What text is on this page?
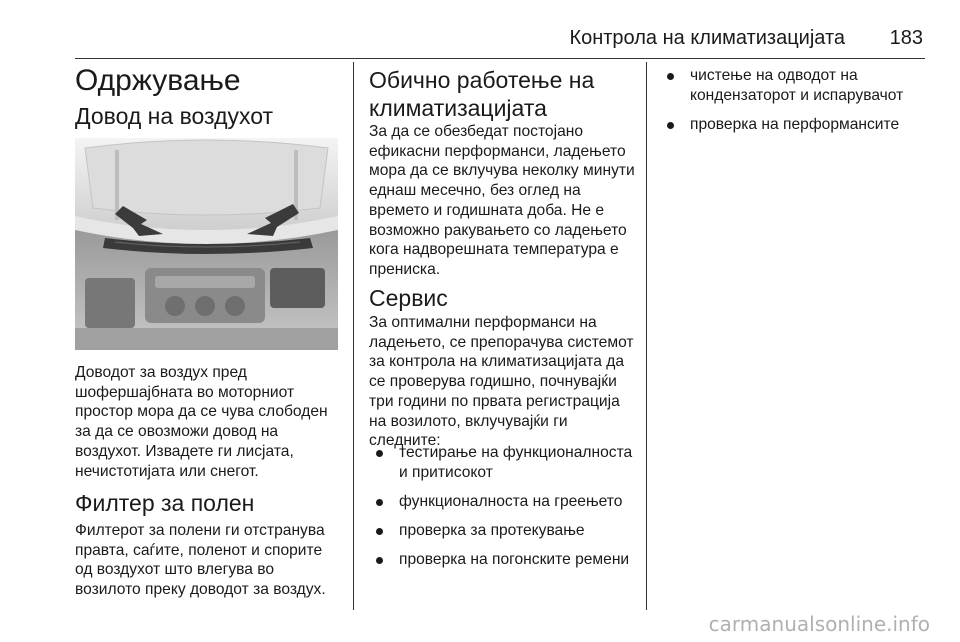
Контрола на климатизацијата 183
Одржување
Довод на воздухот

Доводот за воздух пред шофершајбната во моторниот простор мора да се чува слободен за да се овозможи довод на воздухот. Извадете ги лисјата, нечистотијата или снегот.

Филтер за полен

Филтерот за полени ги отстранува правта, саѓите, поленот и спорите од воздухот што влегува во возилото преку доводот за воздух.

Обично работење на климатизацијата

За да се обезбедат постојано ефикасни перформанси, ладењето мора да се вклучува неколку минути еднаш месечно, без оглед на времето и годишната доба. Не е возможно ракувањето со ладењето кога надворешната температура е прениска.

Сервис

За оптимални перформанси на ладењето, се препорачува системот за контрола на климатизацијата да се проверува годишно, почнувајќи три години по првата регистрација на возилото, вклучувајќи ги следните:

тестирање на функционалноста и притисокот
функционалноста на греењето
проверка за протекување
проверка на погонските ремени
чистење на одводот на кондензаторот и испарувачот
проверка на перформансите
carmanualsonline.info
